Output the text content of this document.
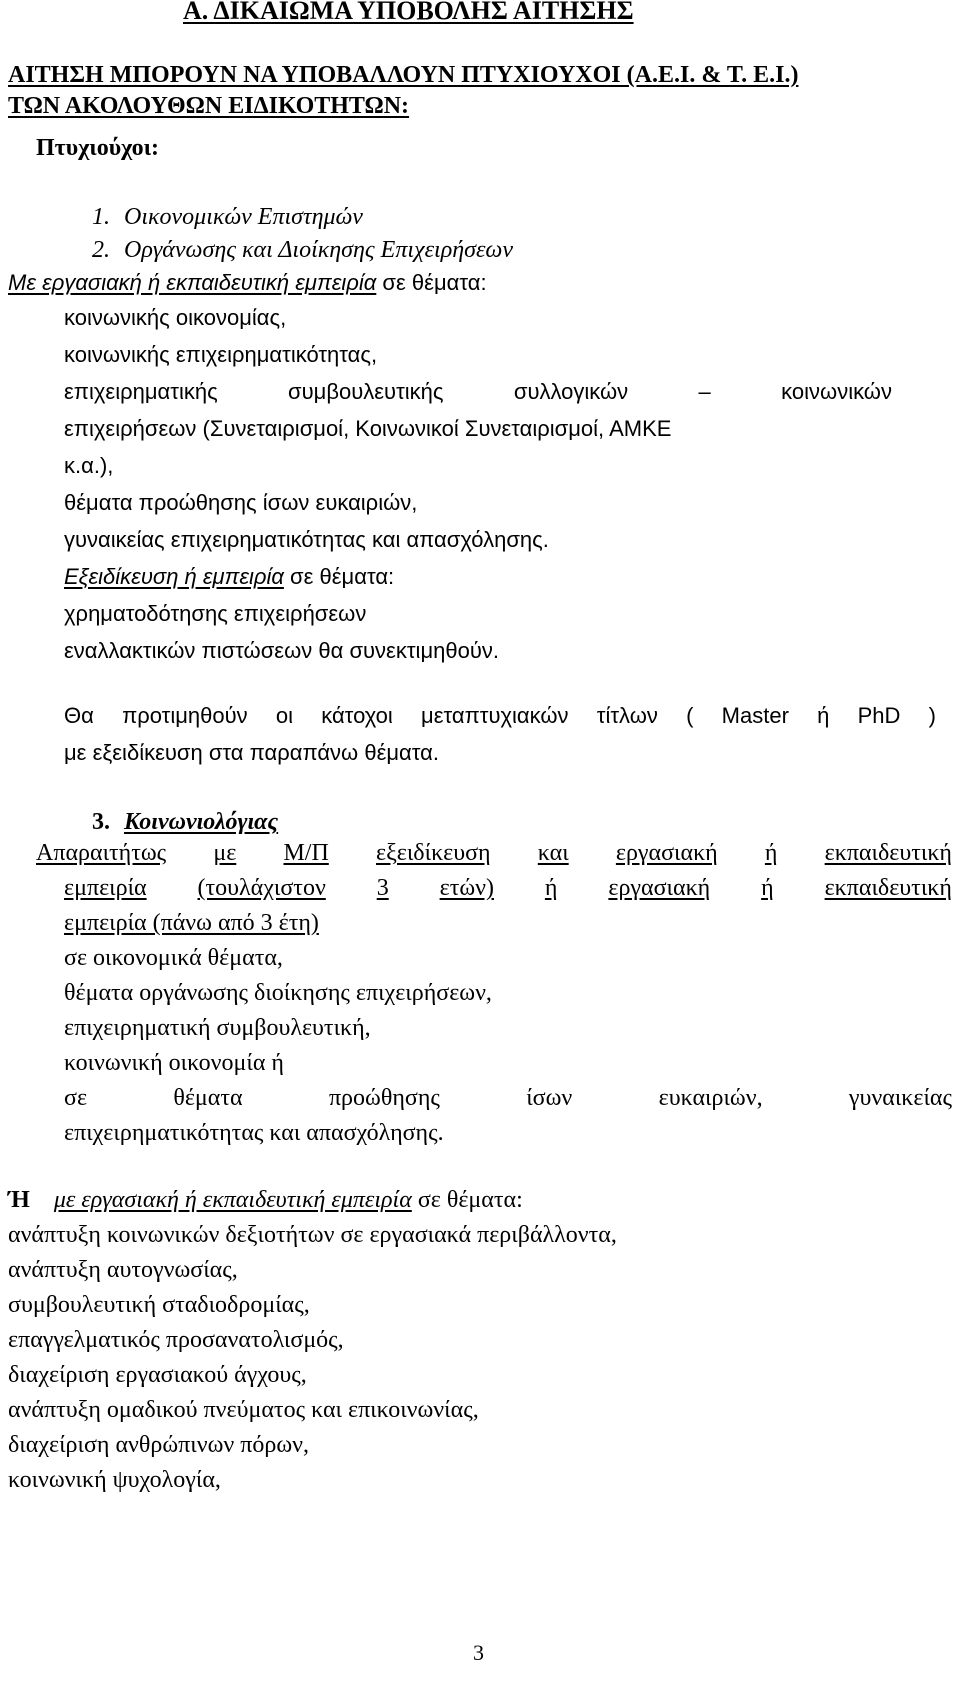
Α. ΔΙΚΑΙΩΜΑ ΥΠΟΒΟΛΗΣ ΑΙΤΗΣΗΣ
ΑΙΤΗΣΗ ΜΠΟΡΟΥΝ ΝΑ ΥΠΟΒΑΛΛΟΥΝ ΠΤΥΧΙΟΥΧΟΙ (Α.Ε.Ι. & Τ. Ε.Ι.)
ΤΩΝ ΑΚΟΛΟΥΘΩΝ ΕΙΔΙΚΟΤΗΤΩΝ:
Πτυχιούχοι:
1. Οικονομικών Επιστημών
2. Οργάνωσης και Διοίκησης Επιχειρήσεων
Με εργασιακή ή εκπαιδευτική εμπειρία σε θέματα:
κοινωνικής οικονομίας,
κοινωνικής επιχειρηματικότητας,
επιχειρηματικής	συμβουλευτικής	συλλογικών	–	κοινωνικών
επιχειρήσεων (Συνεταιρισμοί, Κοινωνικοί Συνεταιρισμοί, ΑΜΚΕ
κ.α.),
θέματα προώθησης ίσων ευκαιριών,
γυναικείας επιχειρηματικότητας και απασχόλησης.
Εξειδίκευση ή εμπειρία σε θέματα:
χρηματοδότησης επιχειρήσεων
εναλλακτικών πιστώσεων θα συνεκτιμηθούν.
Θα προτιμηθούν οι κάτοχοι μεταπτυχιακών τίτλων ( Master ή PhD )
με εξειδίκευση στα παραπάνω θέματα.
3. Κοινωνιολόγιας
Απαραιτήτως με Μ/Π εξειδίκευση και εργασιακή ή εκπαιδευτική
εμπειρία (τουλάχιστον 3 ετών) ή εργασιακή ή εκπαιδευτική
εμπειρία (πάνω από 3 έτη)
σε οικονομικά θέματα,
θέματα οργάνωσης διοίκησης επιχειρήσεων,
επιχειρηματική συμβουλευτική,
κοινωνική οικονομία ή
σε	θέματα	προώθησης	ίσων	ευκαιριών,	γυναικείας
επιχειρηματικότητας και απασχόλησης.
Ή με εργασιακή ή εκπαιδευτική εμπειρία σε θέματα:
ανάπτυξη κοινωνικών δεξιοτήτων σε εργασιακά περιβάλλοντα,
ανάπτυξη αυτογνωσίας,
συμβουλευτική σταδιοδρομίας,
επαγγελματικός προσανατολισμός,
διαχείριση εργασιακού άγχους,
ανάπτυξη ομαδικού πνεύματος και επικοινωνίας,
διαχείριση ανθρώπινων πόρων,
κοινωνική ψυχολογία,
3
